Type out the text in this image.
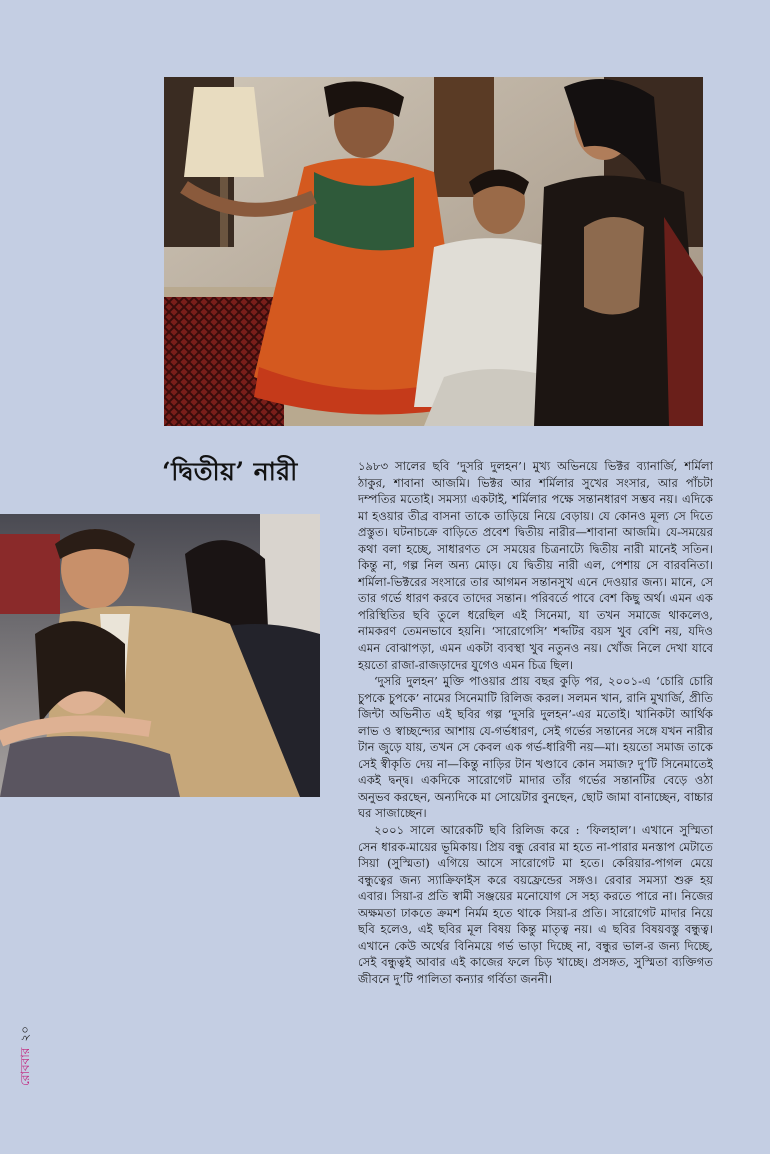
‘দ্বিতীয়’ নারী	১৯৮৩ সালের ছবি ‘দুসরি দুলহন’। মুখ্য অভিনয়ে ভিক্টর ব্যানার্জি, শর্মিলা ঠাকুর, শাবানা আজমি। ভিক্টর আর শর্মিলার সুখের সংসার, আর পাঁচটা দম্পতির মতোই। সমস্যা একটাই, শর্মিলার পক্ষে সন্তানধারণ সম্ভব নয়। এদিকে মা হওয়ার তীব্র বাসনা তাকে তাড়িয়ে নিয়ে বেড়ায়। যে কোনও মূল্য সে দিতে প্রস্তুত। ঘটনাচক্রে বাড়িতে প্রবেশ দ্বিতীয় নারীর—শাবানা আজমি। যে-সময়ের কথা বলা হচ্ছে, সাধারণত সে সময়ের চিত্রনাট্যে দ্বিতীয় নারী মানেই সতিন। কিন্তু না, গল্প নিল অন্য মোড়। যে দ্বিতীয় নারী এল, পেশায় সে বারবনিতা। শর্মিলা-ভিক্টরের সংসারে তার আগমন সন্তানসুখ এনে দেওয়ার জন্য। মানে, সে তার গর্ভে ধারণ করবে তাদের সন্তান। পরিবর্তে পাবে বেশ কিছু অর্থ। এমন এক পরিস্থিতির ছবি তুলে ধরেছিল এই সিনেমা, যা তখন সমাজে থাকলেও, নামকরণ তেমনভাবে হয়নি। ‘সারোগেসি’ শব্দটির বয়স খুব বেশি নয়, যদিও এমন বোঝাপড়া, এমন একটা ব্যবস্থা খুব নতুনও নয়। খোঁজ নিলে দেখা যাবে হয়তো রাজা-রাজড়াদের যুগেও এমন চিত্র ছিল।

‘দুসরি দুলহন’ মুক্তি পাওয়ার প্রায় বছর কুড়ি পর, ২০০১-এ ‘চোরি চোরি চুপকে চুপকে’ নামের সিনেমাটি রিলিজ করল। সলমন খান, রানি মুখার্জি, প্রীতি জিন্টা অভিনীত এই ছবির গল্প ‘দুসরি দুলহন’-এর মতোই। খানিকটা আর্থিক লাভ ও স্বাচ্ছন্দ্যের আশায় যে-গর্ভধারণ, সেই গর্ভের সন্তানের সঙ্গে যখন নারীর টান জুড়ে যায়, তখন সে কেবল এক গর্ভ-ধারিণী নয়—মা। হয়তো সমাজ তাকে সেই স্বীকৃতি দেয় না—কিন্তু নাড়ির টান খণ্ডাবে কোন সমাজ? দু’টি সিনেমাতেই একই দ্বন্দ্ব। একদিকে সারোগেট মাদার তাঁর গর্ভের সন্তানটির বেড়ে ওঠা অনুভব করছেন, অন্যদিকে মা সোয়েটার বুনছেন, ছোট জামা বানাচ্ছেন, বাচ্চার ঘর সাজাচ্ছেন।

২০০১ সালে আরেকটি ছবি রিলিজ করে : ‘ফিলহাল’। এখানে সুস্মিতা সেন ধারক-মায়ের ভূমিকায়। প্রিয় বন্ধু রেবার মা হতে না-পারার মনস্তাপ মেটাতে সিয়া (সুস্মিতা) এগিয়ে আসে সারোগেট মা হতে। কেরিয়ার-পাগল মেয়ে বন্ধুত্বের জন্য স্যাক্রিফাইস করে বয়ফ্রেন্ডের সঙ্গও। রেবার সমস্যা শুরু হয় এবার। সিয়া-র প্রতি স্বামী সঞ্জয়ের মনোযোগ সে সহ্য করতে পারে না। নিজের অক্ষমতা ঢাকতে ক্রমশ নির্মম হতে থাকে সিয়া-র প্রতি। সারোগেট মাদার নিয়ে ছবি হলেও, এই ছবির মূল বিষয় কিন্তু মাতৃত্ব নয়। এ ছবির বিষয়বস্তু বন্ধুত্ব। এখানে কেউ অর্থের বিনিময়ে গর্ভ ভাড়া দিচ্ছে না, বন্ধুর ভাল-র জন্য দিচ্ছে, সেই বন্ধুত্বই আবার এই কাজের ফলে চিড় খাচ্ছে। প্রসঙ্গত, সুস্মিতা ব্যক্তিগত জীবনে দু’টি পালিতা কন্যার গর্বিতা জননী।

রোববার২০
